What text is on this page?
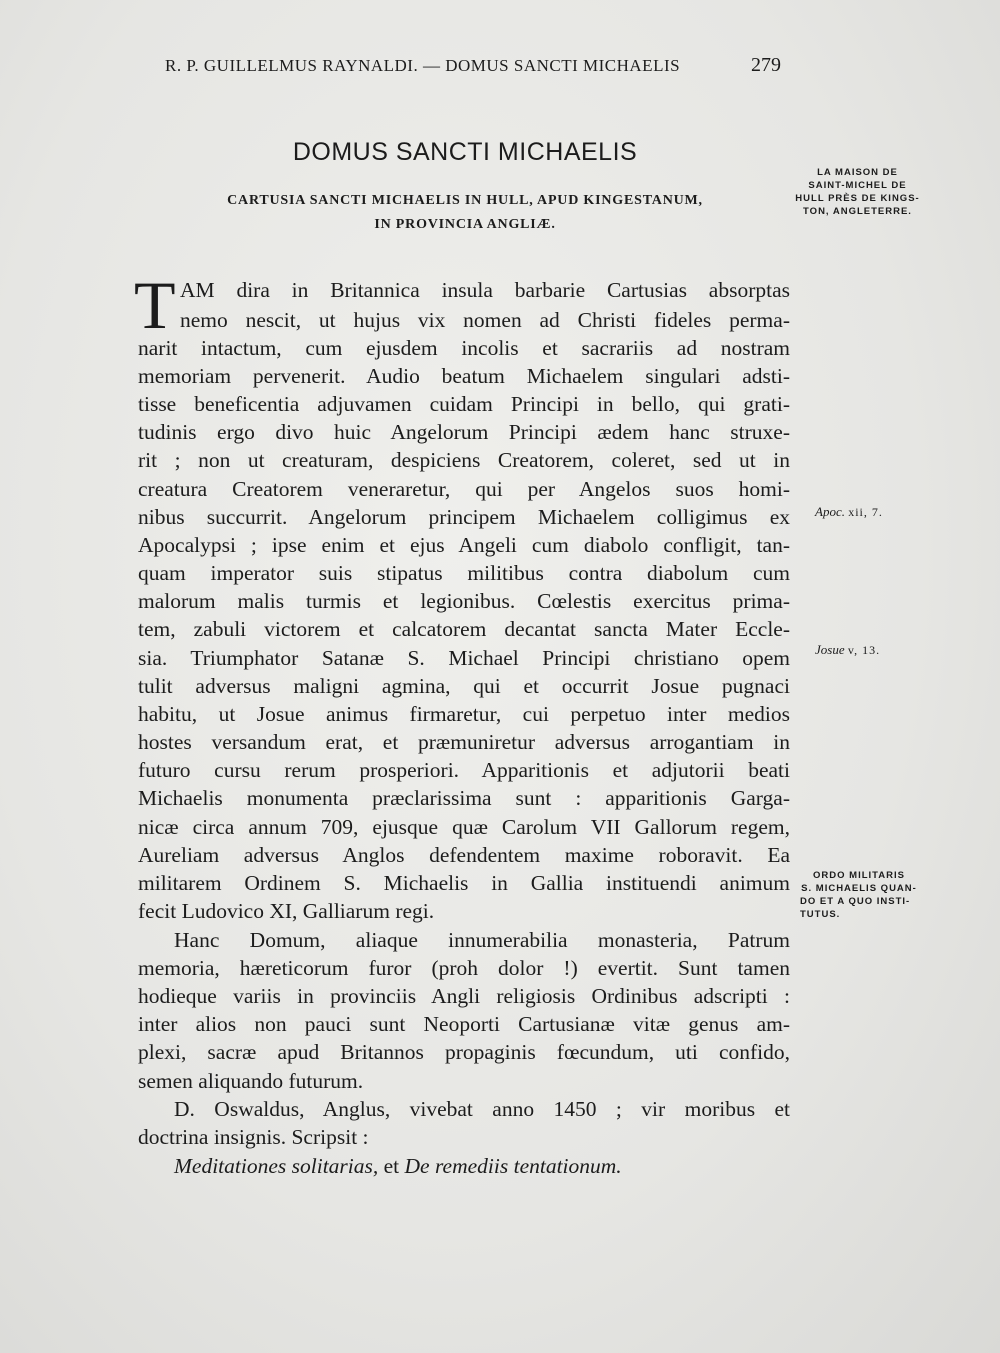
R. P. GUILLELMUS RAYNALDI. — DOMUS SANCTI MICHAELIS	279
DOMUS SANCTI MICHAELIS
CARTUSIA SANCTI MICHAELIS IN HULL, APUD KINGESTANUM,
IN PROVINCIA ANGLIÆ.
T AM dira in Britannica insula barbarie Cartusias absorptas
nemo nescit, ut hujus vix nomen ad Christi fideles perma-
narit intactum, cum ejusdem incolis et sacrariis ad nostram
memoriam pervenerit. Audio beatum Michaelem singulari adsti-
tisse beneficentia adjuvamen cuidam Principi in bello, qui grati-
tudinis ergo divo huic Angelorum Principi ædem hanc struxe-
rit ; non ut creaturam, despiciens Creatorem, coleret, sed ut in
creatura Creatorem veneraretur, qui per Angelos suos homi-
nibus succurrit. Angelorum principem Michaelem colligimus ex
Apocalypsi ; ipse enim et ejus Angeli cum diabolo confligit, tan-
quam imperator suis stipatus militibus contra diabolum cum
malorum malis turmis et legionibus. Cœlestis exercitus prima-
tem, zabuli victorem et calcatorem decantat sancta Mater Eccle-
sia. Triumphator Satanæ S. Michael Principi christiano opem
tulit adversus maligni agmina, qui et occurrit Josue pugnaci
habitu, ut Josue animus firmaretur, cui perpetuo inter medios
hostes versandum erat, et præmuniretur adversus arrogantiam in
futuro cursu rerum prosperiori. Apparitionis et adjutorii beati
Michaelis monumenta præclarissima sunt : apparitionis Garga-
nicæ circa annum 709, ejusque quæ Carolum VII Gallorum regem,
Aureliam adversus Anglos defendentem maxime roboravit. Ea
militarem Ordinem S. Michaelis in Gallia instituendi animum
fecit Ludovico XI, Galliarum regi.
Hanc Domum, aliaque innumerabilia monasteria, Patrum
memoria, hæreticorum furor (proh dolor !) evertit. Sunt tamen
hodieque variis in provinciis Angli religiosis Ordinibus adscripti :
inter alios non pauci sunt Neoporti Cartusianæ vitæ genus am-
plexi, sacræ apud Britannos propaginis fœcundum, uti confido,
semen aliquando futurum.
D. Oswaldus, Anglus, vivebat anno 1450 ; vir moribus et
doctrina insignis. Scripsit :
Meditationes solitarias, et De remediis tentationum.
LA MAISON DE
SAINT-MICHEL DE
HULL PRÈS DE KINGS-
TON, ANGLETERRE.
Apoc. xii, 7.
Josue v, 13.
ORDO MILITARIS
S. MICHAELIS QUAN-
DO ET A QUO INSTI-
TUTUS.
